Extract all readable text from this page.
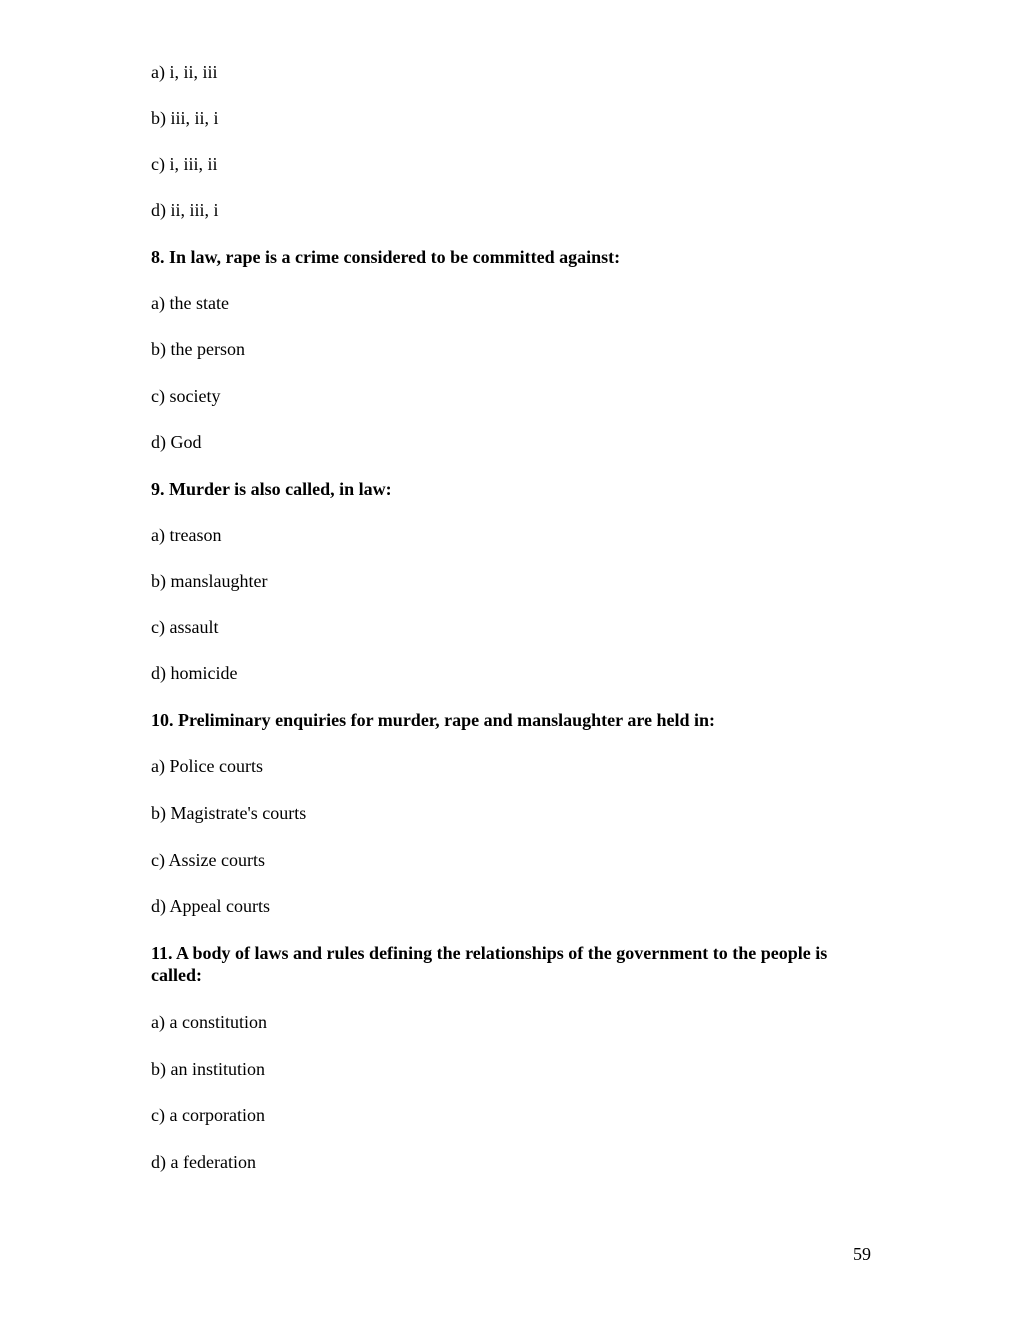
a) i, ii, iii
b) iii, ii, i
c) i, iii, ii
d) ii, iii, i
8. In law, rape is a crime considered to be committed against:
a) the state
b) the person
c) society
d) God
9. Murder is also called, in law:
a) treason
b) manslaughter
c) assault
d) homicide
10. Preliminary enquiries for murder, rape and manslaughter are held in:
a) Police courts
b) Magistrate's courts
c) Assize courts
d) Appeal courts
11. A body of laws and rules defining the relationships of the government to the people is called:
a) a constitution
b) an institution
c) a corporation
d) a federation
59
